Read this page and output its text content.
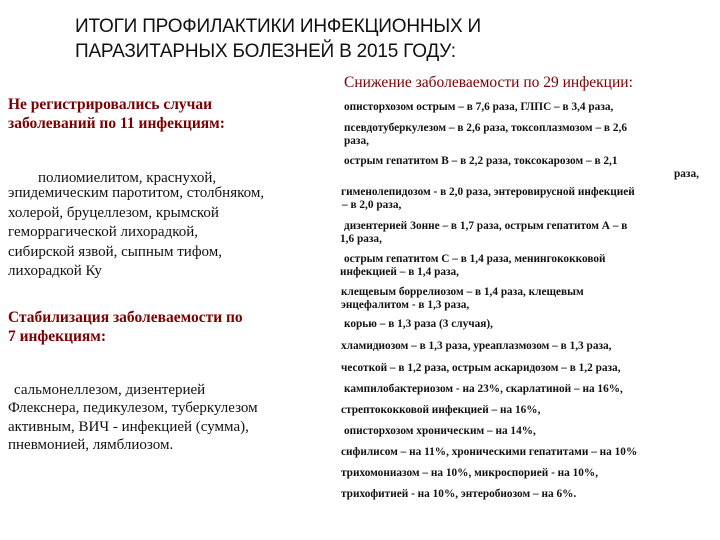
ИТОГИ ПРОФИЛАКТИКИ ИНФЕКЦИОННЫХ И
ПАРАЗИТАРНЫХ БОЛЕЗНЕЙ В 2015 ГОДУ:
Не регистрировались случаи
заболеваний по 11 инфекциям:
полиомиелитом, краснухой,
эпидемическим паротитом, столбняком,
холерой, бруцеллезом, крымской
геморрагической лихорадкой,
сибирской язвой, сыпным тифом,
лихорадкой Ку
Стабилизация заболеваемости по
7 инфекциям:
сальмонеллезом, дизентерией
Флекснера, педикулезом, туберкулезом
активным, ВИЧ - инфекцией (сумма),
пневмонией, лямблиозом.
Снижение заболеваемости по 29 инфекции:
описторхозом острым – в 7,6 раза, ГЛПС – в 3,4 раза,
псевдотуберкулезом – в 2,6 раза, токсоплазмозом – в 2,6
раза,
острым гепатитом В – в 2,2 раза, токсокарозом – в 2,1
раза,
гименолепидозом - в 2,0 раза, энтеровирусной инфекцией
– в 2,0 раза,
дизентерией Зонне – в 1,7 раза, острым гепатитом А – в
1,6 раза,
острым гепатитом С – в 1,4 раза, менингококковой
инфекцией – в 1,4 раза,
клещевым боррелиозом – в 1,4 раза, клещевым
энцефалитом - в 1,3 раза,
корью – в 1,3 раза (3 случая),
хламидиозом – в 1,3 раза, уреаплазмозом – в 1,3 раза,
чесоткой – в 1,2 раза, острым аскаридозом – в 1,2 раза,
кампилобактериозом - на 23%, скарлатиной – на 16%,
стрептококковой инфекцией – на 16%,
описторхозом хроническим – на 14%,
сифилисом – на 11%, хроническими гепатитами – на 10%
трихомониазом – на 10%, микроспорией - на 10%,
трихофитией - на 10%, энтеробиозом – на 6%.
